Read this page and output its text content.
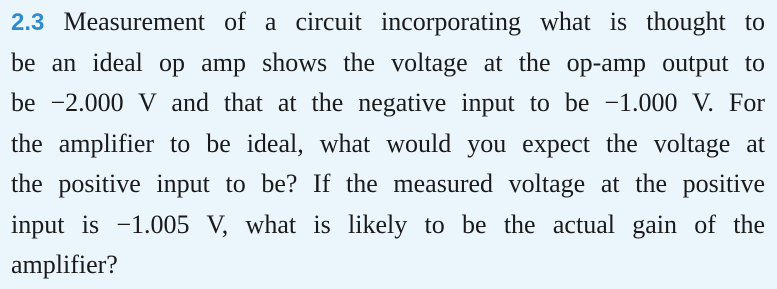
2.3 Measurement of a circuit incorporating what is thought to
be an ideal op amp shows the voltage at the op-amp output to
be −2.000 V and that at the negative input to be −1.000 V. For
the amplifier to be ideal, what would you expect the voltage at
the positive input to be? If the measured voltage at the positive
input is −1.005 V, what is likely to be the actual gain of the
amplifier?
